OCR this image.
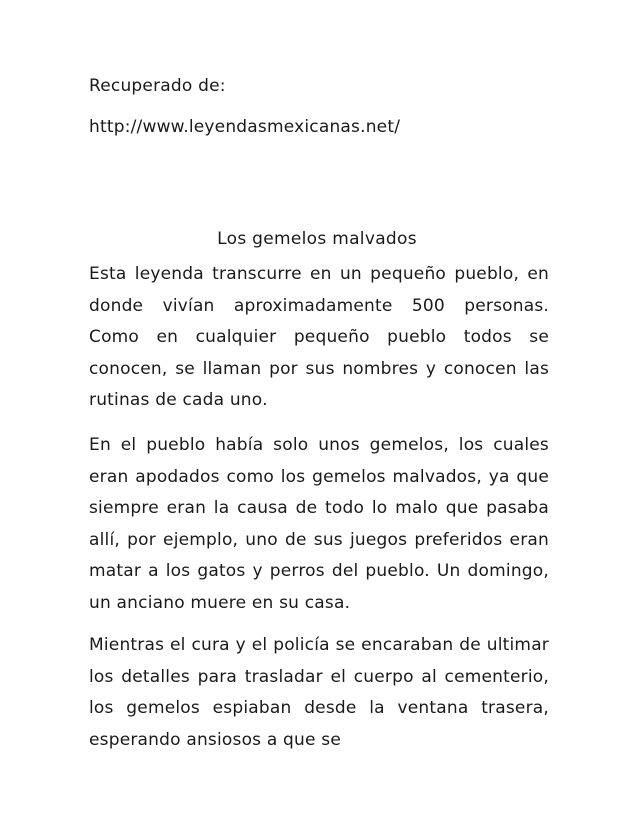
Recuperado de:
http://www.leyendasmexicanas.net/
Los gemelos malvados

Esta leyenda transcurre en un pequeño pueblo, en donde vivían aproximadamente 500 personas. Como en cualquier pequeño pueblo todos se conocen, se llaman por sus nombres y conocen las rutinas de cada uno.

En el pueblo había solo unos gemelos, los cuales eran apodados como los gemelos malvados, ya que siempre eran la causa de todo lo malo que pasaba allí, por ejemplo, uno de sus juegos preferidos eran matar a los gatos y perros del pueblo. Un domingo, un anciano muere en su casa.

Mientras el cura y el policía se encaraban de ultimar los detalles para trasladar el cuerpo al cementerio, los gemelos espiaban desde la ventana trasera, esperando ansiosos a que se
